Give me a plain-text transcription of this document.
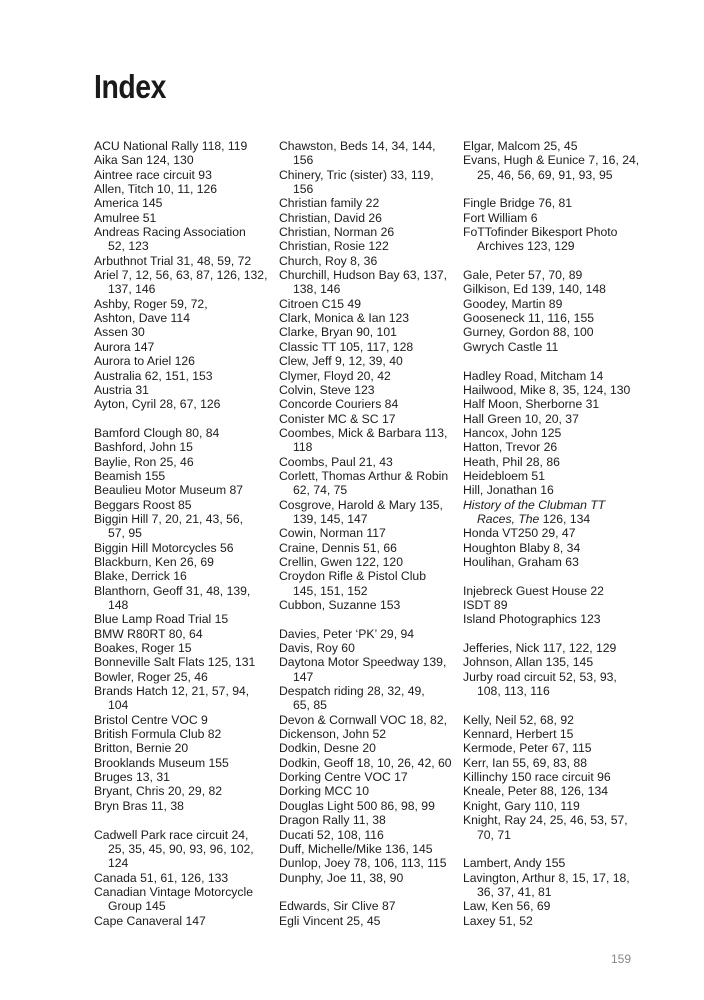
Index
ACU National Rally 118, 119
Aika San 124, 130
Aintree race circuit 93
Allen, Titch 10, 11, 126
America 145
Amulree 51
Andreas Racing Association
52, 123
Arbuthnot Trial 31, 48, 59, 72
Ariel 7, 12, 56, 63, 87, 126, 132,
137, 146
Ashby, Roger 59, 72,
Ashton, Dave 114
Assen 30
Aurora 147
Aurora to Ariel 126
Australia 62, 151, 153
Austria 31
Ayton, Cyril 28, 67, 126
Bamford Clough 80, 84
Bashford, John 15
Baylie, Ron 25, 46
Beamish 155
Beaulieu Motor Museum 87
Beggars Roost 85
Biggin Hill 7, 20, 21, 43, 56,
57, 95
Biggin Hill Motorcycles 56
Blackburn, Ken 26, 69
Blake, Derrick 16
Blanthorn, Geoff 31, 48, 139,
148
Blue Lamp Road Trial 15
BMW R80RT 80, 64
Boakes, Roger 15
Bonneville Salt Flats 125, 131
Bowler, Roger 25, 46
Brands Hatch 12, 21, 57, 94,
104
Bristol Centre VOC 9
British Formula Club 82
Britton, Bernie 20
Brooklands Museum 155
Bruges 13, 31
Bryant, Chris 20, 29, 82
Bryn Bras 11, 38
Cadwell Park race circuit 24,
25, 35, 45, 90, 93, 96, 102,
124
Canada 51, 61, 126, 133
Canadian Vintage Motorcycle
Group 145
Cape Canaveral 147
Chawston, Beds 14, 34, 144,
156
Chinery, Tric (sister) 33, 119,
156
Christian family 22
Christian, David 26
Christian, Norman 26
Christian, Rosie 122
Church, Roy 8, 36
Churchill, Hudson Bay 63, 137,
138, 146
Citroen C15 49
Clark, Monica & Ian 123
Clarke, Bryan 90, 101
Classic TT 105, 117, 128
Clew, Jeff 9, 12, 39, 40
Clymer, Floyd 20, 42
Colvin, Steve 123
Concorde Couriers 84
Conister MC & SC 17
Coombes, Mick & Barbara 113,
118
Coombs, Paul 21, 43
Corlett, Thomas Arthur & Robin
62, 74, 75
Cosgrove, Harold & Mary 135,
139, 145, 147
Cowin, Norman 117
Craine, Dennis 51, 66
Crellin, Gwen 122, 120
Croydon Rifle & Pistol Club
145, 151, 152
Cubbon, Suzanne 153
Davies, Peter ‘PK’ 29, 94
Davis, Roy 60
Daytona Motor Speedway 139,
147
Despatch riding 28, 32, 49,
65, 85
Devon & Cornwall VOC 18, 82,
Dickenson, John 52
Dodkin, Desne 20
Dodkin, Geoff 18, 10, 26, 42, 60
Dorking Centre VOC 17
Dorking MCC 10
Douglas Light 500 86, 98, 99
Dragon Rally 11, 38
Ducati 52, 108, 116
Duff, Michelle/Mike 136, 145
Dunlop, Joey 78, 106, 113, 115
Dunphy, Joe 11, 38, 90
Edwards, Sir Clive 87
Egli Vincent 25, 45
Elgar, Malcom 25, 45
Evans, Hugh & Eunice 7, 16, 24,
25, 46, 56, 69, 91, 93, 95
Fingle Bridge 76, 81
Fort William 6
FoTTofinder Bikesport Photo
Archives 123, 129
Gale, Peter 57, 70, 89
Gilkison, Ed 139, 140, 148
Goodey, Martin 89
Gooseneck 11, 116, 155
Gurney, Gordon 88, 100
Gwrych Castle 11
Hadley Road, Mitcham 14
Hailwood, Mike 8, 35, 124, 130
Half Moon, Sherborne 31
Hall Green 10, 20, 37
Hancox, John 125
Hatton, Trevor 26
Heath, Phil 28, 86
Heidebloem 51
Hill, Jonathan 16
History of the Clubman TT
Races, The 126, 134
Honda VT250 29, 47
Houghton Blaby 8, 34
Houlihan, Graham 63
Injebreck Guest House 22
ISDT 89
Island Photographics 123
Jefferies, Nick 117, 122, 129
Johnson, Allan 135, 145
Jurby road circuit 52, 53, 93,
108, 113, 116
Kelly, Neil 52, 68, 92
Kennard, Herbert 15
Kermode, Peter 67, 115
Kerr, Ian 55, 69, 83, 88
Killinchy 150 race circuit 96
Kneale, Peter 88, 126, 134
Knight, Gary 110, 119
Knight, Ray 24, 25, 46, 53, 57,
70, 71
Lambert, Andy 155
Lavington, Arthur 8, 15, 17, 18,
36, 37, 41, 81
Law, Ken 56, 69
Laxey 51, 52
159
